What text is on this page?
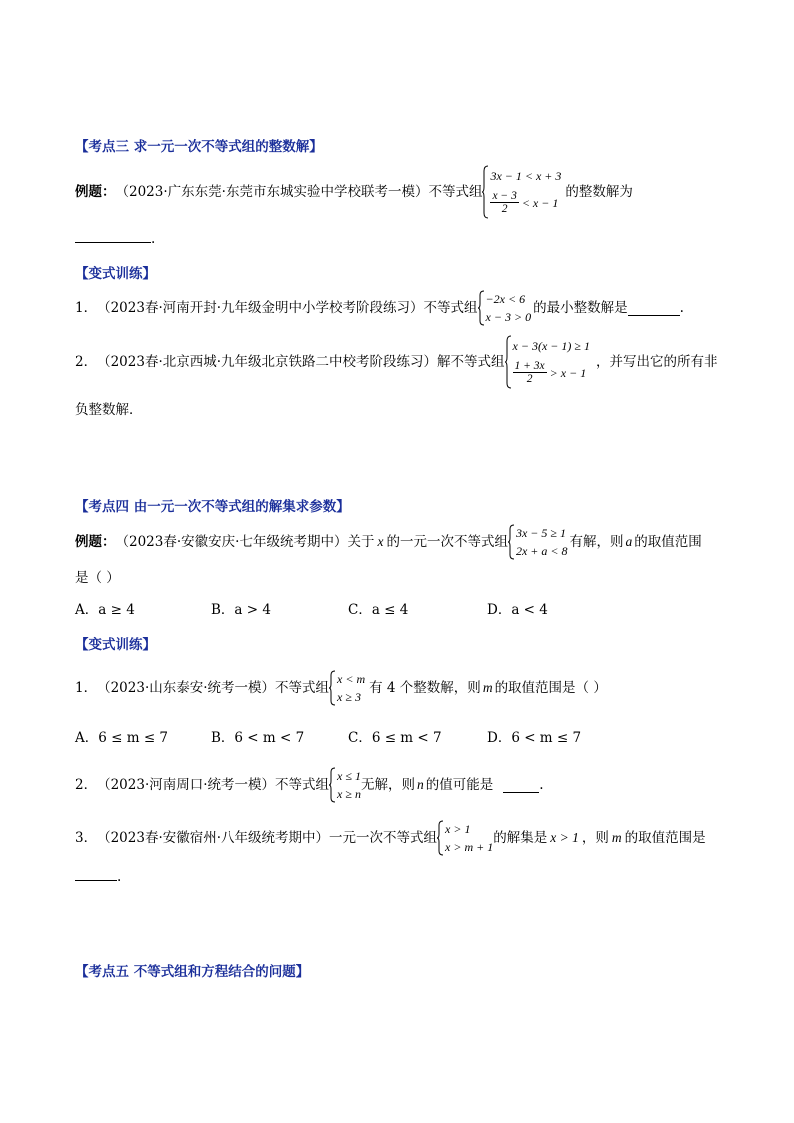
【考点三 求一元一次不等式组的整数解】
例题： （2023·广东东莞·东莞市东城实验中学校联考一模）不等式组
3x − 1 < x + 3
$\frac{x - 3}{2} < x - 1$
的整数解为
.
【变式训练】
1． （2023春·河南开封·九年级金明中小学校考阶段练习）不等式组
−2x < 6
x − 3 > 0
的最小整数解是	.
2． （2023春·北京西城·九年级北京铁路二中校考阶段练习）解不等式组
x − 3(x − 1) ≥ 1
$\frac{1 + 3x}{2} > x - 1$
，并写出它的所有非
负整数解．
【考点四 由一元一次不等式组的解集求参数】
例题： （2023春·安徽安庆·七年级统考期中）关于 x 的一元一次不等式组
3x − 5 ≥ 1
2x + a < 8
有解，则 a 的取值范围
是（ ）
A．a ≥ 4	B．a > 4	C．a ≤ 4	D．a < 4
【变式训练】
1． （2023·山东泰安·统考一模）不等式组
x < m
x ≥ 3
有 4 个整数解，则 m 的取值范围是（ ）
A．6 ≤ m ≤ 7	B．6 < m < 7	C．6 ≤ m < 7	D．6 < m ≤ 7
2． （2023·河南周口·统考一模）不等式组
x ≤ 1
x ≥ n
无解，则 n 的值可能是	.
3． （2023春·安徽宿州·八年级统考期中）一元一次不等式组
x > 1
x > m + 1
的解集是 x > 1 ，则 m 的取值范围是
.
【考点五 不等式组和方程结合的问题】
